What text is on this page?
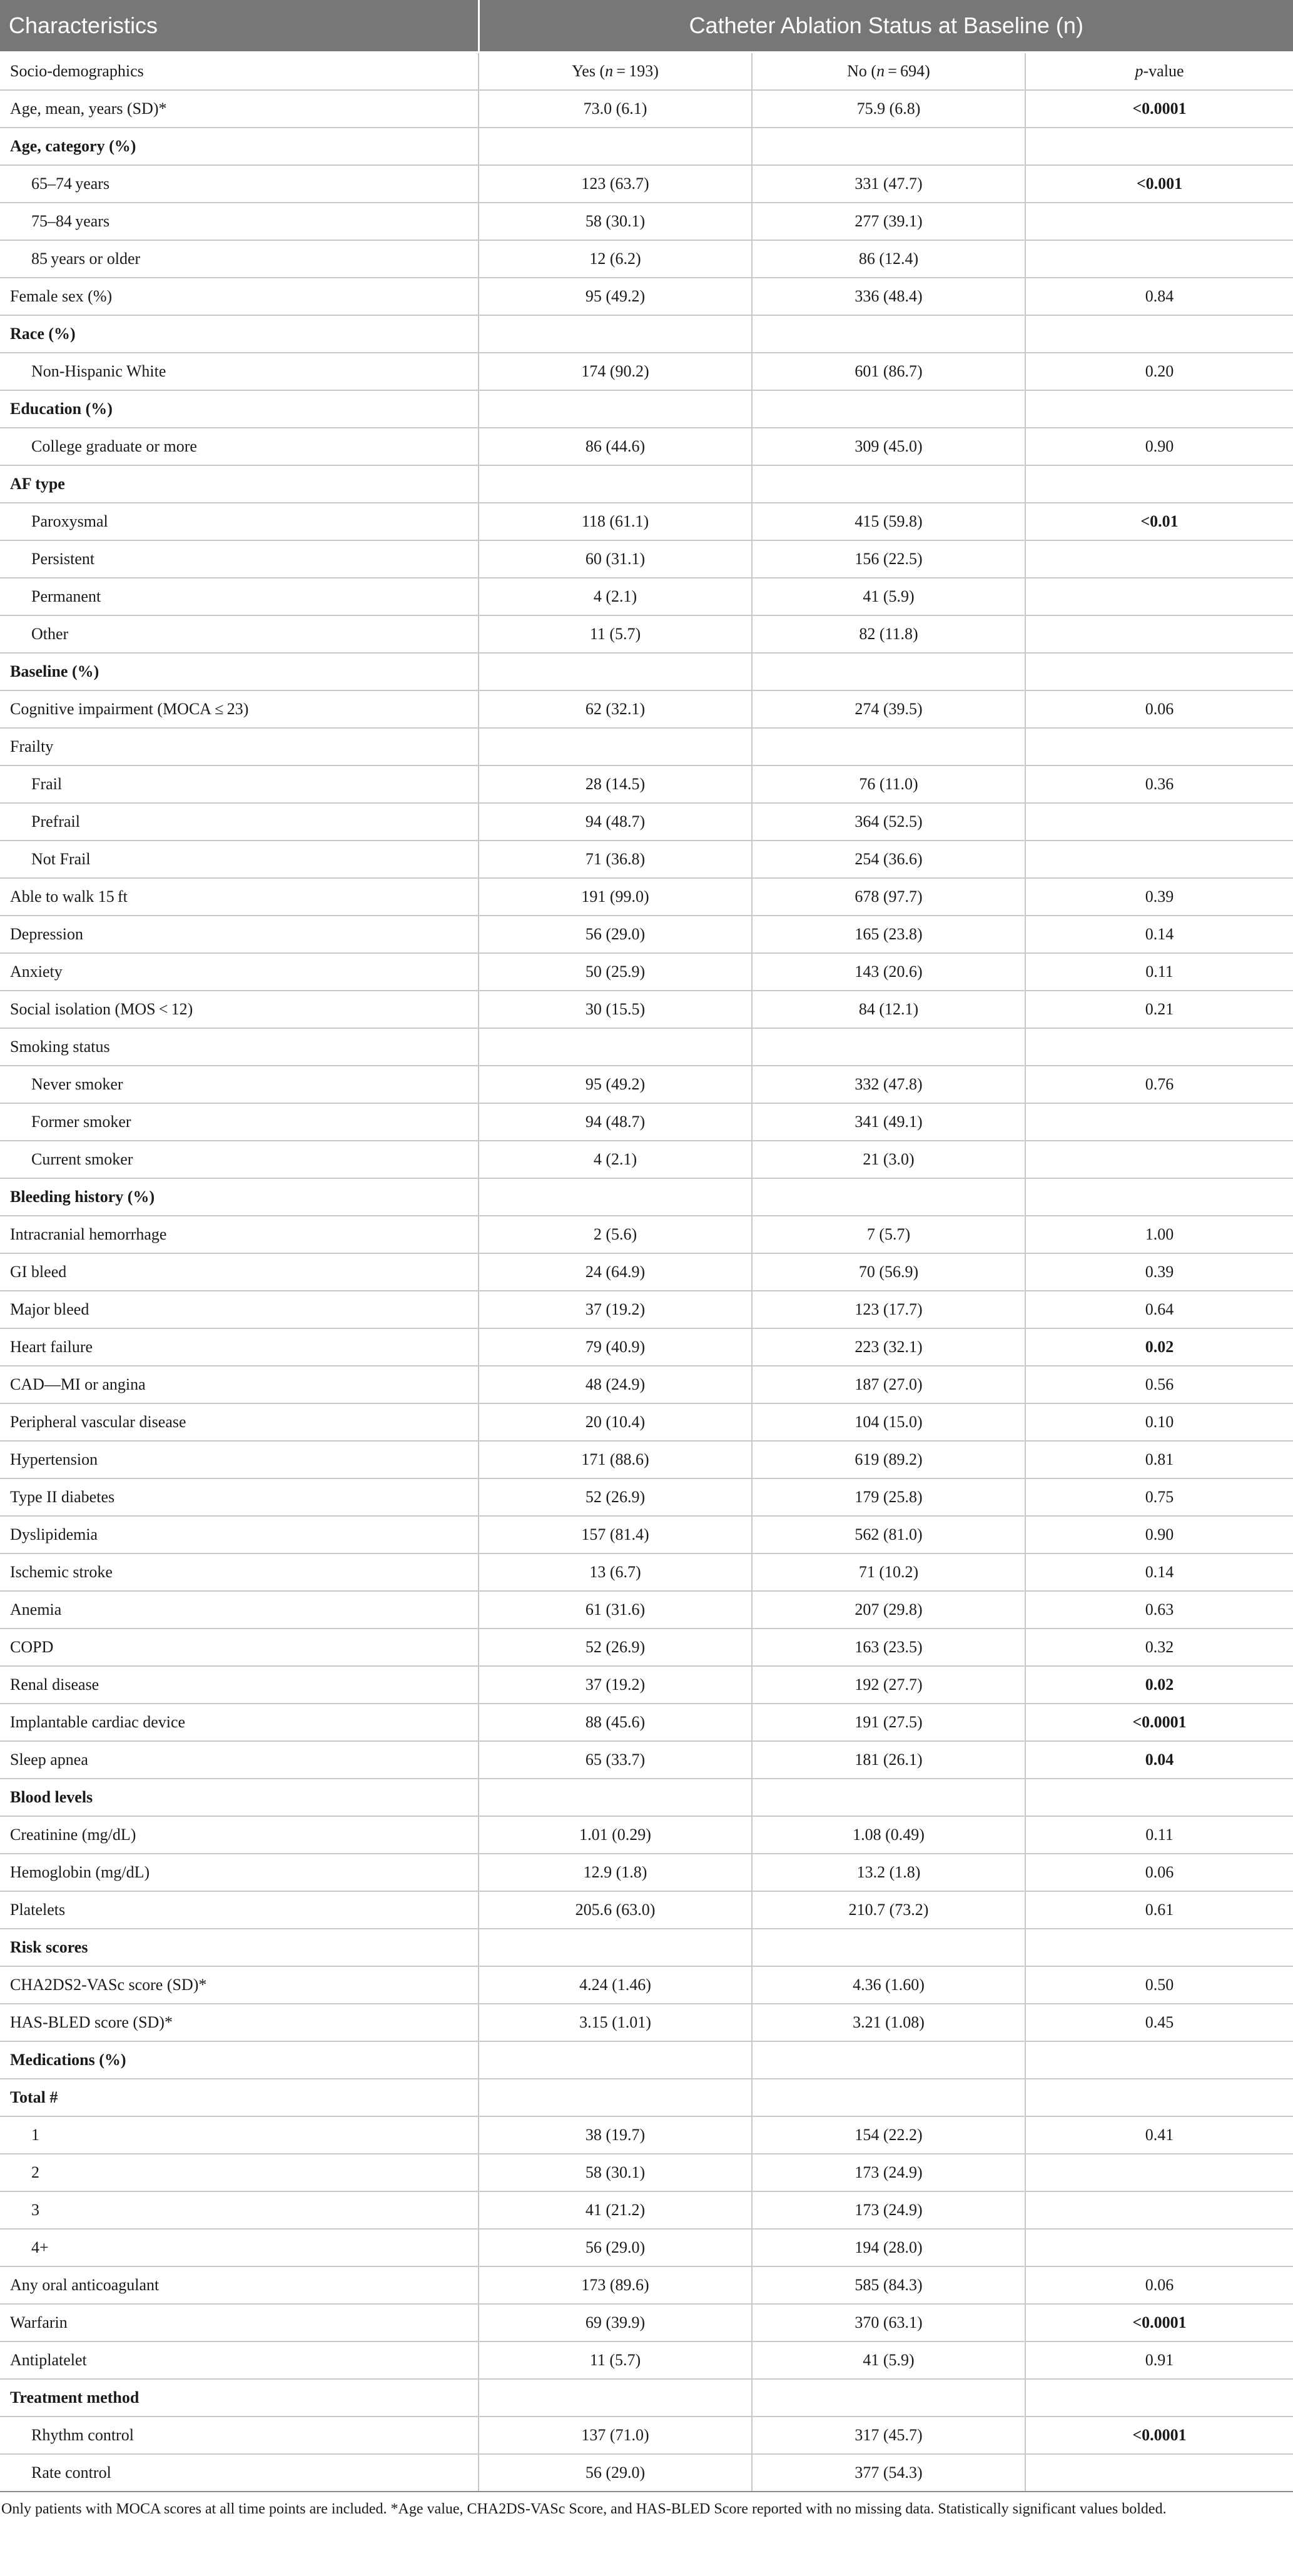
Characteristics	Catheter Ablation Status at Baseline (n)		
Socio-demographics	Yes (n = 193)	No (n = 694)	p-value
Age, mean, years (SD)*	73.0 (6.1)	75.9 (6.8)	<0.0001
Age, category (%)			
65–74 years	123 (63.7)	331 (47.7)	<0.001
75–84 years	58 (30.1)	277 (39.1)	
85 years or older	12 (6.2)	86 (12.4)	
Female sex (%)	95 (49.2)	336 (48.4)	0.84
Race (%)			
Non-Hispanic White	174 (90.2)	601 (86.7)	0.20
Education (%)			
College graduate or more	86 (44.6)	309 (45.0)	0.90
AF type			
Paroxysmal	118 (61.1)	415 (59.8)	<0.01
Persistent	60 (31.1)	156 (22.5)	
Permanent	4 (2.1)	41 (5.9)	
Other	11 (5.7)	82 (11.8)	
Baseline (%)			
Cognitive impairment (MOCA ≤ 23)	62 (32.1)	274 (39.5)	0.06
Frailty			
Frail	28 (14.5)	76 (11.0)	0.36
Prefrail	94 (48.7)	364 (52.5)	
Not Frail	71 (36.8)	254 (36.6)	
Able to walk 15 ft	191 (99.0)	678 (97.7)	0.39
Depression	56 (29.0)	165 (23.8)	0.14
Anxiety	50 (25.9)	143 (20.6)	0.11
Social isolation (MOS < 12)	30 (15.5)	84 (12.1)	0.21
Smoking status			
Never smoker	95 (49.2)	332 (47.8)	0.76
Former smoker	94 (48.7)	341 (49.1)	
Current smoker	4 (2.1)	21 (3.0)	
Bleeding history (%)			
Intracranial hemorrhage	2 (5.6)	7 (5.7)	1.00
GI bleed	24 (64.9)	70 (56.9)	0.39
Major bleed	37 (19.2)	123 (17.7)	0.64
Heart failure	79 (40.9)	223 (32.1)	0.02
CAD—MI or angina	48 (24.9)	187 (27.0)	0.56
Peripheral vascular disease	20 (10.4)	104 (15.0)	0.10
Hypertension	171 (88.6)	619 (89.2)	0.81
Type II diabetes	52 (26.9)	179 (25.8)	0.75
Dyslipidemia	157 (81.4)	562 (81.0)	0.90
Ischemic stroke	13 (6.7)	71 (10.2)	0.14
Anemia	61 (31.6)	207 (29.8)	0.63
COPD	52 (26.9)	163 (23.5)	0.32
Renal disease	37 (19.2)	192 (27.7)	0.02
Implantable cardiac device	88 (45.6)	191 (27.5)	<0.0001
Sleep apnea	65 (33.7)	181 (26.1)	0.04
Blood levels			
Creatinine (mg/dL)	1.01 (0.29)	1.08 (0.49)	0.11
Hemoglobin (mg/dL)	12.9 (1.8)	13.2 (1.8)	0.06
Platelets	205.6 (63.0)	210.7 (73.2)	0.61
Risk scores			
CHA2DS2-VASc score (SD)*	4.24 (1.46)	4.36 (1.60)	0.50
HAS-BLED score (SD)*	3.15 (1.01)	3.21 (1.08)	0.45
Medications (%)			
Total #			
1	38 (19.7)	154 (22.2)	0.41
2	58 (30.1)	173 (24.9)	
3	41 (21.2)	173 (24.9)	
4+	56 (29.0)	194 (28.0)	
Any oral anticoagulant	173 (89.6)	585 (84.3)	0.06
Warfarin	69 (39.9)	370 (63.1)	<0.0001
Antiplatelet	11 (5.7)	41 (5.9)	0.91
Treatment method			
Rhythm control	137 (71.0)	317 (45.7)	<0.0001
Rate control	56 (29.0)	377 (54.3)	
Only patients with MOCA scores at all time points are included. *Age value, CHA2DS-VASc Score, and HAS-BLED Score reported with no missing data. Statistically significant values bolded.
